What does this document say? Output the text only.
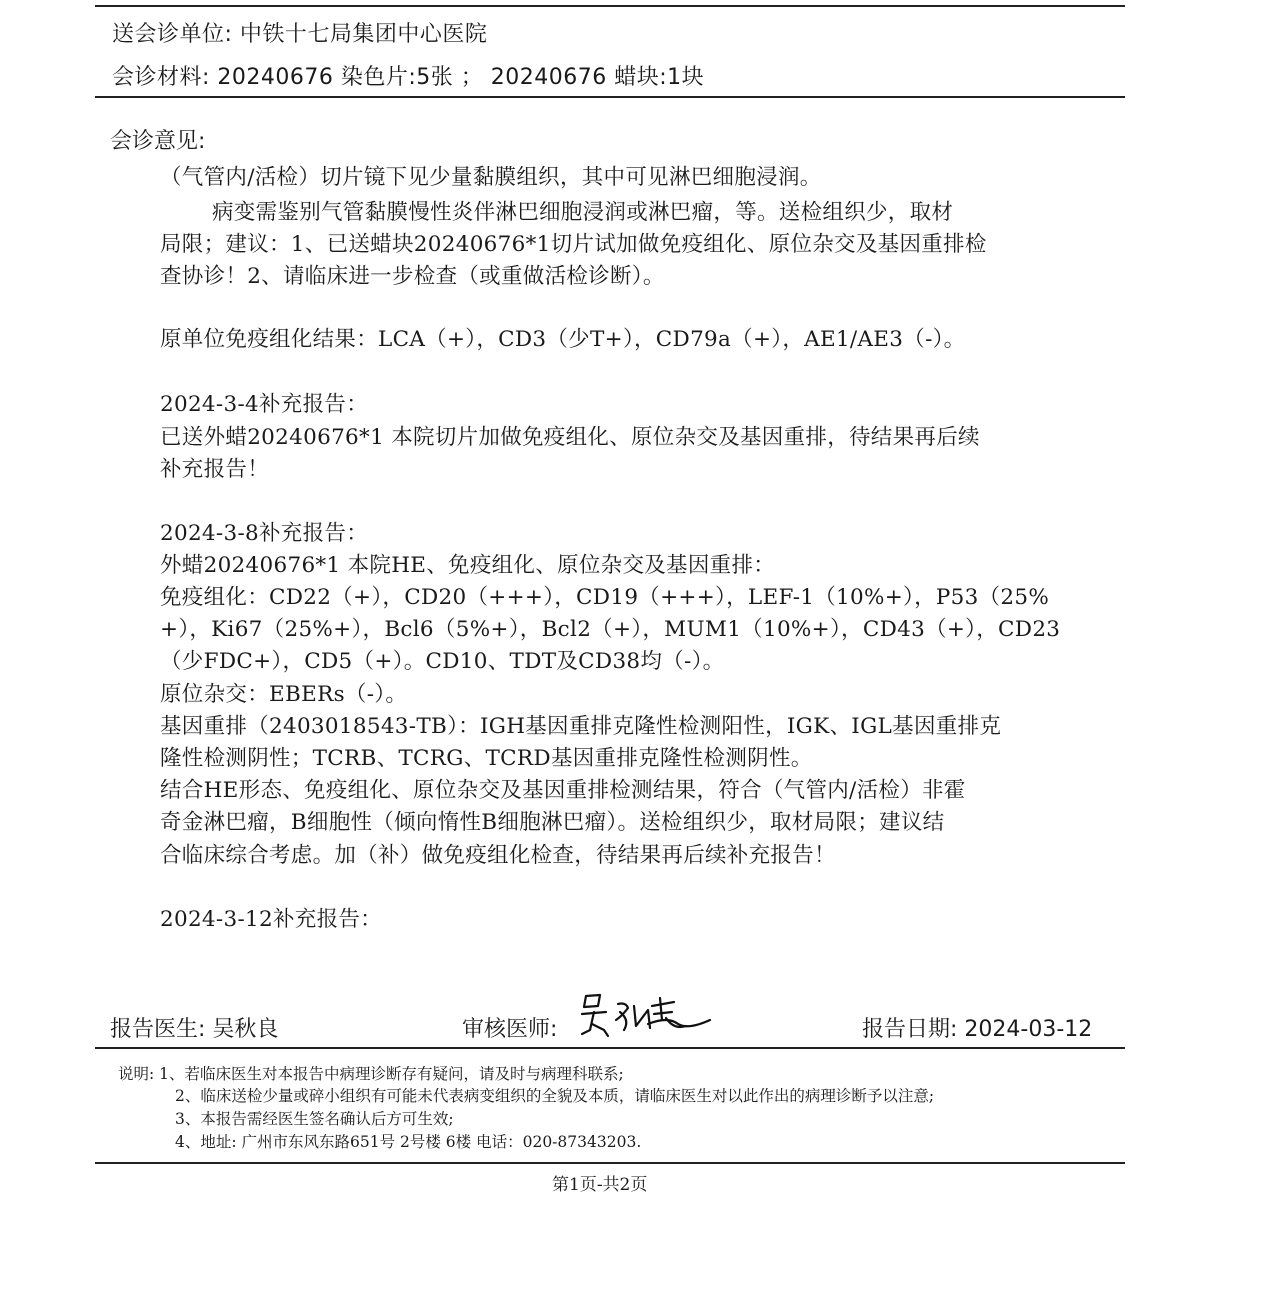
送会诊单位: 中铁十七局集团中心医院
会诊材料: 20240676 染色片:5张 ； 20240676 蜡块:1块
会诊意见:
（气管内/活检）切片镜下见少量黏膜组织，其中可见淋巴细胞浸润。
病变需鉴别气管黏膜慢性炎伴淋巴细胞浸润或淋巴瘤，等。送检组织少，取材
局限；建议：1、已送蜡块20240676*1切片试加做免疫组化、原位杂交及基因重排检
查协诊！2、请临床进一步检查（或重做活检诊断）。
原单位免疫组化结果：LCA（+），CD3（少T+），CD79a（+），AE1/AE3（-）。
2024-3-4补充报告：
已送外蜡20240676*1 本院切片加做免疫组化、原位杂交及基因重排，待结果再后续
补充报告！
2024-3-8补充报告：
外蜡20240676*1 本院HE、免疫组化、原位杂交及基因重排：
免疫组化：CD22（+），CD20（+++），CD19（+++），LEF-1（10%+），P53（25%
+），Ki67（25%+），Bcl6（5%+），Bcl2（+），MUM1（10%+），CD43（+），CD23
（少FDC+），CD5（+）。CD10、TDT及CD38均（-）。
原位杂交：EBERs（-）。
基因重排（2403018543-TB）：IGH基因重排克隆性检测阳性，IGK、IGL基因重排克
隆性检测阴性；TCRB、TCRG、TCRD基因重排克隆性检测阴性。
结合HE形态、免疫组化、原位杂交及基因重排检测结果，符合（气管内/活检）非霍
奇金淋巴瘤，B细胞性（倾向惰性B细胞淋巴瘤）。送检组织少，取材局限；建议结
合临床综合考虑。加（补）做免疫组化检查，待结果再后续补充报告！
2024-3-12补充报告：
报告医生: 吴秋良	审核医师:	报告日期: 2024-03-12
说明: 1、若临床医生对本报告中病理诊断存有疑问，请及时与病理科联系;
2、临床送检少量或碎小组织有可能未代表病变组织的全貌及本质，请临床医生对以此作出的病理诊断予以注意;
3、本报告需经医生签名确认后方可生效;
4、地址: 广州市东风东路651号 2号楼 6楼 电话：020-87343203.
第1页-共2页
